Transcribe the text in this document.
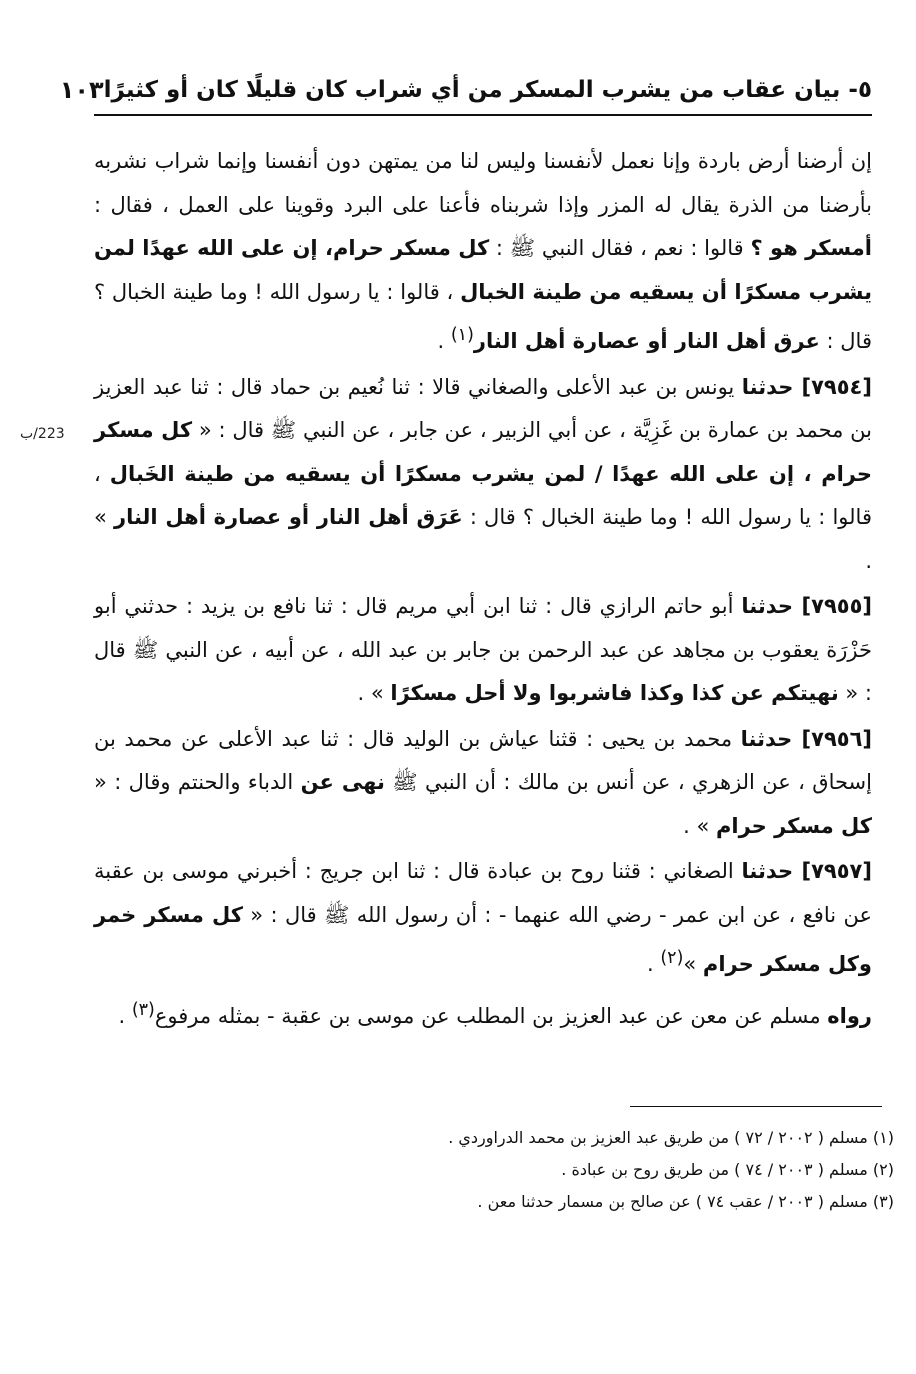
٥- بيان عقاب من يشرب المسكر من أي شراب كان قليلًا كان أو كثيرًا
١٠٣
223/ب

إن أرضنا أرض باردة وإنا نعمل لأنفسنا وليس لنا من يمتهن دون أنفسنا وإنما شراب نشربه بأرضنا من الذرة يقال له المزر وإذا شربناه فأعنا على البرد وقوينا على العمل ، فقال : أمسكر هو ؟ قالوا : نعم ، فقال النبي ﷺ : كل مسكر حرام، إن على الله عهدًا لمن يشرب مسكرًا أن يسقيه من طينة الخبال ، قالوا : يا رسول الله ! وما طينة الخبال ؟ قال : عرق أهل النار أو عصارة أهل النار$^{(١)}$ .

[٧٩٥٤] حدثنا يونس بن عبد الأعلى والصغاني قالا : ثنا نُعيم بن حماد قال : ثنا عبد العزيز بن محمد بن عمارة بن غَزِيَّة ، عن أبي الزبير ، عن جابر ، عن النبي ﷺ قال : « كل مسكر حرام ، إن على الله عهدًا / لمن يشرب مسكرًا أن يسقيه من طينة الخَبال ، قالوا : يا رسول الله ! وما طينة الخبال ؟ قال : عَرَق أهل النار أو عصارة أهل النار » .

[٧٩٥٥] حدثنا أبو حاتم الرازي قال : ثنا ابن أبي مريم قال : ثنا نافع بن يزيد : حدثني أبو حَزْرَة يعقوب بن مجاهد عن عبد الرحمن بن جابر بن عبد الله ، عن أبيه ، عن النبي ﷺ قال : « نهيتكم عن كذا وكذا فاشربوا ولا أحل مسكرًا » .

[٧٩٥٦] حدثنا محمد بن يحيى : قثنا عياش بن الوليد قال : ثنا عبد الأعلى عن محمد بن إسحاق ، عن الزهري ، عن أنس بن مالك : أن النبي ﷺ نهى عن الدباء والحنتم وقال : « كل مسكر حرام » .

[٧٩٥٧] حدثنا الصغاني : قثنا روح بن عبادة قال : ثنا ابن جريج : أخبرني موسى بن عقبة عن نافع ، عن ابن عمر - رضي الله عنهما - : أن رسول الله ﷺ قال : « كل مسكر خمر وكل مسكر حرام »$^{(٢)}$ .

رواه مسلم عن معن عن عبد العزيز بن المطلب عن موسى بن عقبة - بمثله مرفوع$^{(٣)}$ .

(١) مسلم ( ٢٠٠٢ / ٧٢ ) من طريق عبد العزيز بن محمد الدراوردي .

(٢) مسلم ( ٢٠٠٣ / ٧٤ ) من طريق روح بن عبادة .

(٣) مسلم ( ٢٠٠٣ / عقب ٧٤ ) عن صالح بن مسمار حدثنا معن .
